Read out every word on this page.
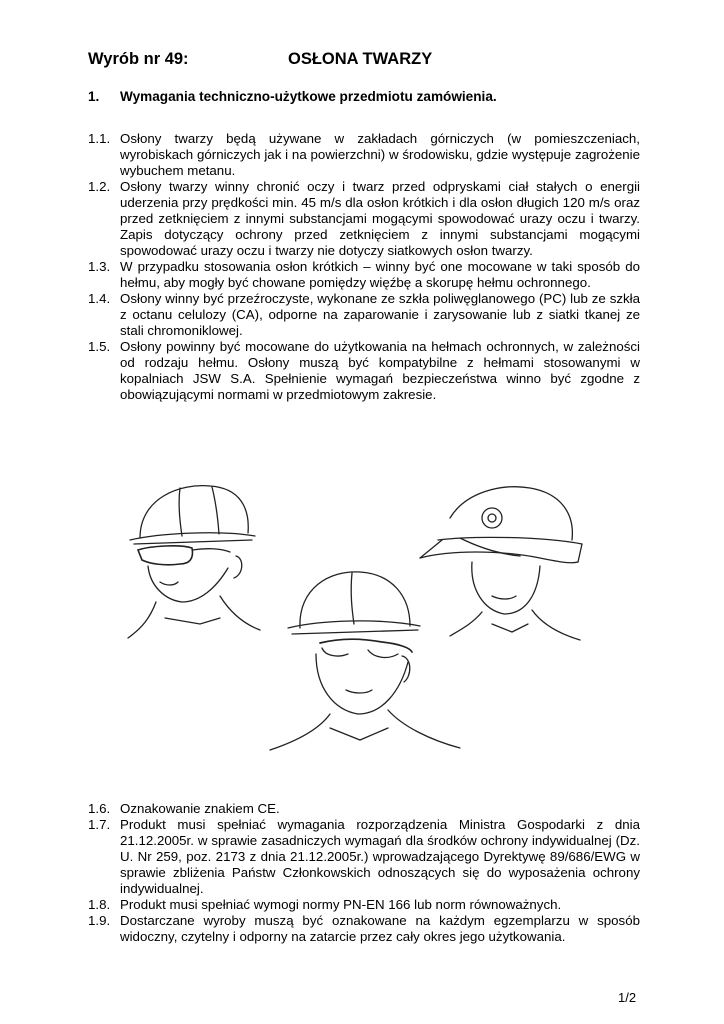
Wyrób nr 49:	OSŁONA TWARZY
1. Wymagania techniczno-użytkowe przedmiotu zamówienia.
1.1. Osłony twarzy będą używane w zakładach górniczych (w pomieszczeniach, wyrobiskach górniczych jak i na powierzchni) w środowisku, gdzie występuje zagrożenie wybuchem metanu.
1.2. Osłony twarzy winny chronić oczy i twarz przed odpryskami ciał stałych o energii uderzenia przy prędkości min. 45 m/s dla osłon krótkich i dla osłon długich 120 m/s oraz przed zetknięciem z innymi substancjami mogącymi spowodować urazy oczu i twarzy. Zapis dotyczący ochrony przed zetknięciem z innymi substancjami mogącymi spowodować urazy oczu i twarzy nie dotyczy siatkowych osłon twarzy.
1.3. W przypadku stosowania osłon krótkich – winny być one mocowane w taki sposób do hełmu, aby mogły być chowane pomiędzy więźbę a skorupę hełmu ochronnego.
1.4. Osłony winny być przeźroczyste, wykonane ze szkła poliwęglanowego (PC) lub ze szkła z octanu celulozy (CA), odporne na zaparowanie i zarysowanie lub z siatki tkanej ze stali chromoniklowej.
1.5. Osłony powinny być mocowane do użytkowania na hełmach ochronnych, w zależności od rodzaju hełmu. Osłony muszą być kompatybilne z hełmami stosowanymi w kopalniach JSW S.A. Spełnienie wymagań bezpieczeństwa winno być zgodne z obowiązującymi normami w przedmiotowym zakresie.
1.6. Oznakowanie znakiem CE.
1.7. Produkt musi spełniać wymagania rozporządzenia Ministra Gospodarki z dnia 21.12.2005r. w sprawie zasadniczych wymagań dla środków ochrony indywidualnej (Dz. U. Nr 259, poz. 2173 z dnia 21.12.2005r.) wprowadzającego Dyrektywę 89/686/EWG w sprawie zbliżenia Państw Członkowskich odnoszących się do wyposażenia ochrony indywidualnej.
1.8. Produkt musi spełniać wymogi normy PN-EN 166 lub norm równoważnych.
1.9. Dostarczane wyroby muszą być oznakowane na każdym egzemplarzu w sposób widoczny, czytelny i odporny na zatarcie przez cały okres jego użytkowania.
1/2
